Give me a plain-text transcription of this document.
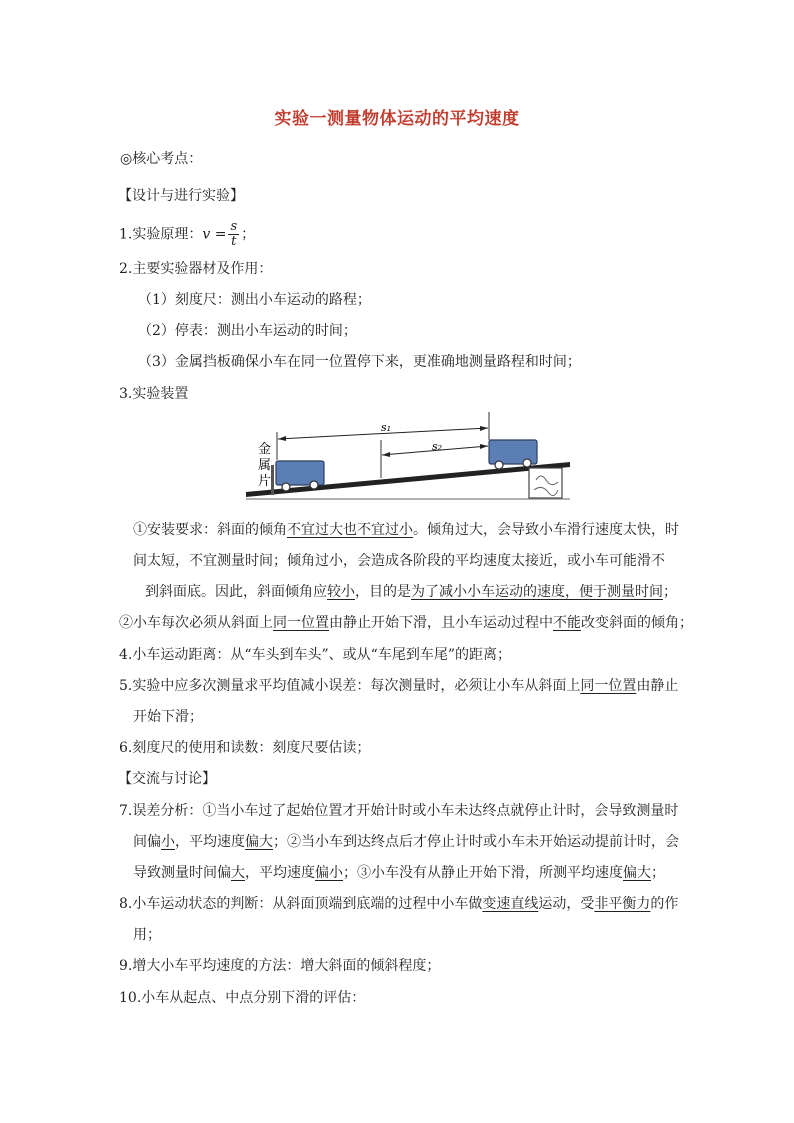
实验一测量物体运动的平均速度
◎核心考点：
【设计与进行实验】
1.实验原理：$v = \frac{s}{t}$ ；
2.主要实验器材及作用：
（1）刻度尺：测出小车运动的路程；
（2）停表：测出小车运动的时间；
（3）金属挡板确保小车在同一位置停下来，更准确地测量路程和时间；
3.实验装置
金
属
片
s₁
s₂
①安装要求：斜面的倾角不宜过大也不宜过小。倾角过大，会导致小车滑行速度太快，时
间太短，不宜测量时间；倾角过小，会造成各阶段的平均速度太接近，或小车可能滑不
到斜面底。因此，斜面倾角应较小，目的是为了减小小车运动的速度，便于测量时间；
②小车每次必须从斜面上同一位置由静止开始下滑，且小车运动过程中不能改变斜面的倾角；
4.小车运动距离：从“车头到车头”、或从“车尾到车尾”的距离；
5.实验中应多次测量求平均值减小误差：每次测量时，必须让小车从斜面上同一位置由静止
开始下滑；
6.刻度尺的使用和读数：刻度尺要估读；
【交流与讨论】
7.误差分析：①当小车过了起始位置才开始计时或小车未达终点就停止计时，会导致测量时
间偏小，平均速度偏大；②当小车到达终点后才停止计时或小车未开始运动提前计时，会
导致测量时间偏大，平均速度偏小；③小车没有从静止开始下滑，所测平均速度偏大；
8.小车运动状态的判断：从斜面顶端到底端的过程中小车做变速直线运动，受非平衡力的作
用；
9.增大小车平均速度的方法：增大斜面的倾斜程度；
10.小车从起点、中点分别下滑的评估：
